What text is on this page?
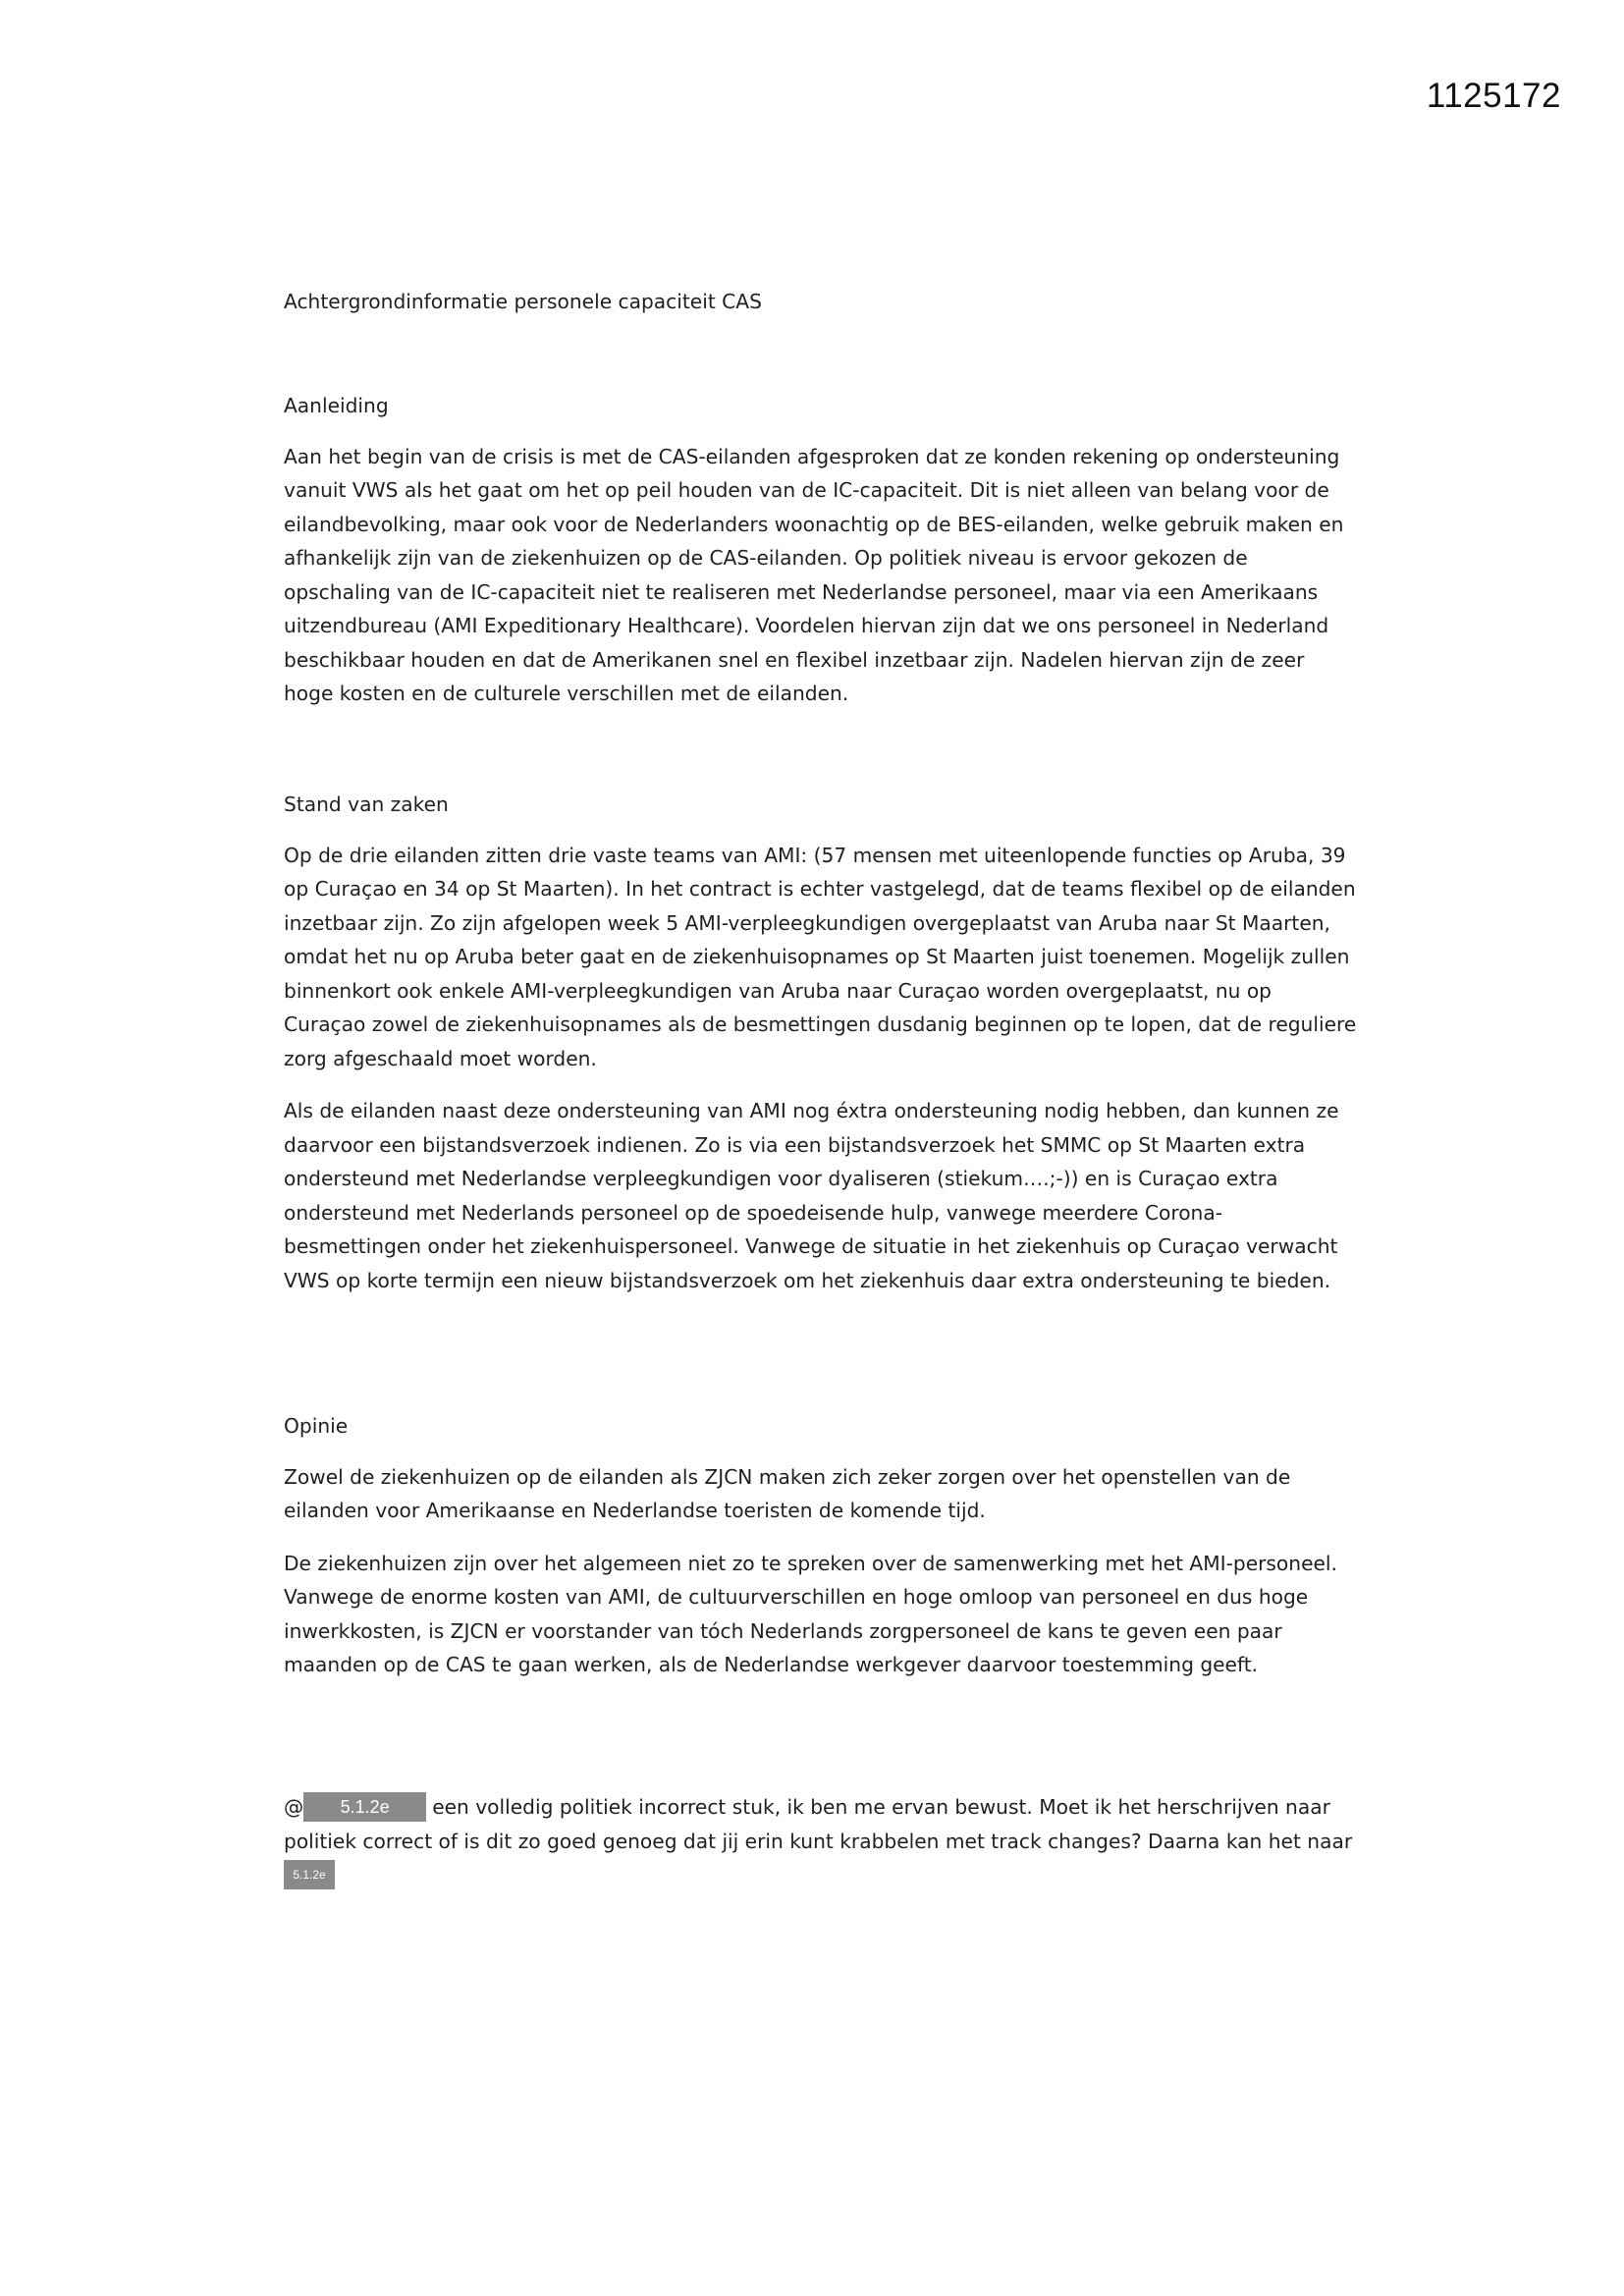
1125172
Achtergrondinformatie personele capaciteit CAS
Aanleiding

Aan het begin van de crisis is met de CAS-eilanden afgesproken dat ze konden rekening op ondersteuning vanuit VWS als het gaat om het op peil houden van de IC-capaciteit. Dit is niet alleen van belang voor de eilandbevolking, maar ook voor de Nederlanders woonachtig op de BES-eilanden, welke gebruik maken en afhankelijk zijn van de ziekenhuizen op de CAS-eilanden. Op politiek niveau is ervoor gekozen de opschaling van de IC-capaciteit niet te realiseren met Nederlandse personeel, maar via een Amerikaans uitzendbureau (AMI Expeditionary Healthcare). Voordelen hiervan zijn dat we ons personeel in Nederland beschikbaar houden en dat de Amerikanen snel en flexibel inzetbaar zijn. Nadelen hiervan zijn de zeer hoge kosten en de culturele verschillen met de eilanden.

Stand van zaken

Op de drie eilanden zitten drie vaste teams van AMI: (57 mensen met uiteenlopende functies op Aruba, 39 op Curaçao en 34 op St Maarten). In het contract is echter vastgelegd, dat de teams flexibel op de eilanden inzetbaar zijn. Zo zijn afgelopen week 5 AMI-verpleegkundigen overgeplaatst van Aruba naar St Maarten, omdat het nu op Aruba beter gaat en de ziekenhuisopnames op St Maarten juist toenemen. Mogelijk zullen binnenkort ook enkele AMI-verpleegkundigen van Aruba naar Curaçao worden overgeplaatst, nu op Curaçao zowel de ziekenhuisopnames als de besmettingen dusdanig beginnen op te lopen, dat de reguliere zorg afgeschaald moet worden.

Als de eilanden naast deze ondersteuning van AMI nog éxtra ondersteuning nodig hebben, dan kunnen ze daarvoor een bijstandsverzoek indienen. Zo is via een bijstandsverzoek het SMMC op St Maarten extra ondersteund met Nederlandse verpleegkundigen voor dyaliseren (stiekum….;-)) en is Curaçao extra ondersteund met Nederlands personeel op de spoedeisende hulp, vanwege meerdere Corona-besmettingen onder het ziekenhuispersoneel. Vanwege de situatie in het ziekenhuis op Curaçao verwacht VWS op korte termijn een nieuw bijstandsverzoek om het ziekenhuis daar extra ondersteuning te bieden.

Opinie

Zowel de ziekenhuizen op de eilanden als ZJCN maken zich zeker zorgen over het openstellen van de eilanden voor Amerikaanse en Nederlandse toeristen de komende tijd.

De ziekenhuizen zijn over het algemeen niet zo te spreken over de samenwerking met het AMI-personeel. Vanwege de enorme kosten van AMI, de cultuurverschillen en hoge omloop van personeel en dus hoge inwerkkosten, is ZJCN er voorstander van tóch Nederlands zorgpersoneel de kans te geven een paar maanden op de CAS te gaan werken, als de Nederlandse werkgever daarvoor toestemming geeft.

@ 5.1.2e een volledig politiek incorrect stuk, ik ben me ervan bewust. Moet ik het herschrijven naar politiek correct of is dit zo goed genoeg dat jij erin kunt krabbelen met track changes? Daarna kan het naar 5.1.2e
